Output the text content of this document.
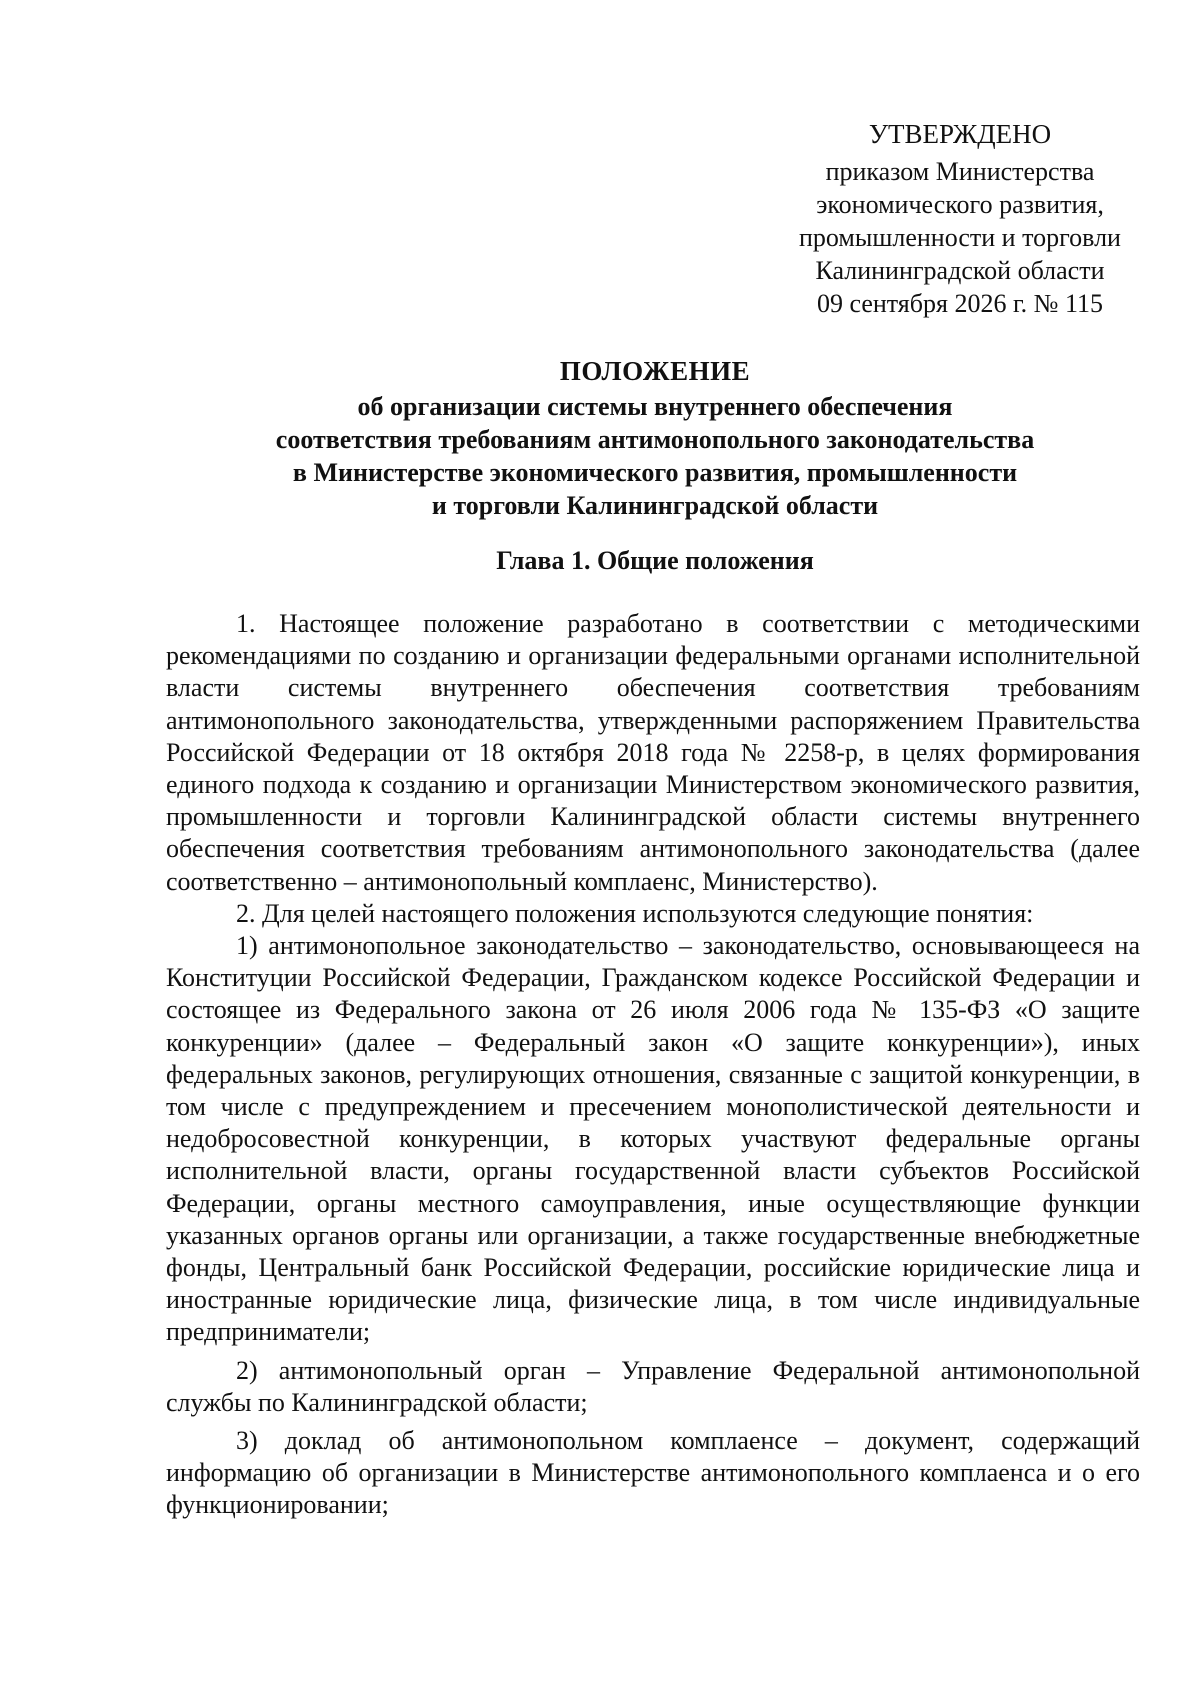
УТВЕРЖДЕНО
приказом Министерства
экономического развития,
промышленности и торговли
Калининградской области
09 сентября 2026 г. № 115
ПОЛОЖЕНИЕ
об организации системы внутреннего обеспечения
соответствия требованиям антимонопольного законодательства
в Министерстве экономического развития, промышленности
и торговли Калининградской области
Глава 1. Общие положения

1. Настоящее положение разработано в соответствии с методическими рекомендациями по созданию и организации федеральными органами исполнительной власти системы внутреннего обеспечения соответствия требованиям антимонопольного законодательства, утвержденными распоряжением Правительства Российской Федерации от 18 октября 2018 года № 2258-р, в целях формирования единого подхода к созданию и организации Министерством экономического развития, промышленности и торговли Калининградской области системы внутреннего обеспечения соответствия требованиям антимонопольного законодательства (далее соответственно – антимонопольный комплаенс, Министерство).

2. Для целей настоящего положения используются следующие понятия:

1) антимонопольное законодательство – законодательство, основывающееся на Конституции Российской Федерации, Гражданском кодексе Российской Федерации и состоящее из Федерального закона от 26 июля 2006 года № 135-ФЗ «О защите конкуренции» (далее – Федеральный закон «О защите конкуренции»), иных федеральных законов, регулирующих отношения, связанные с защитой конкуренции, в том числе с предупреждением и пресечением монополистической деятельности и недобросовестной конкуренции, в которых участвуют федеральные органы исполнительной власти, органы государственной власти субъектов Российской Федерации, органы местного самоуправления, иные осуществляющие функции указанных органов органы или организации, а также государственные внебюджетные фонды, Центральный банк Российской Федерации, российские юридические лица и иностранные юридические лица, физические лица, в том числе индивидуальные предприниматели;

2) антимонопольный орган – Управление Федеральной антимонопольной службы по Калининградской области;

3) доклад об антимонопольном комплаенсе – документ, содержащий информацию об организации в Министерстве антимонопольного комплаенса и о его функционировании;
